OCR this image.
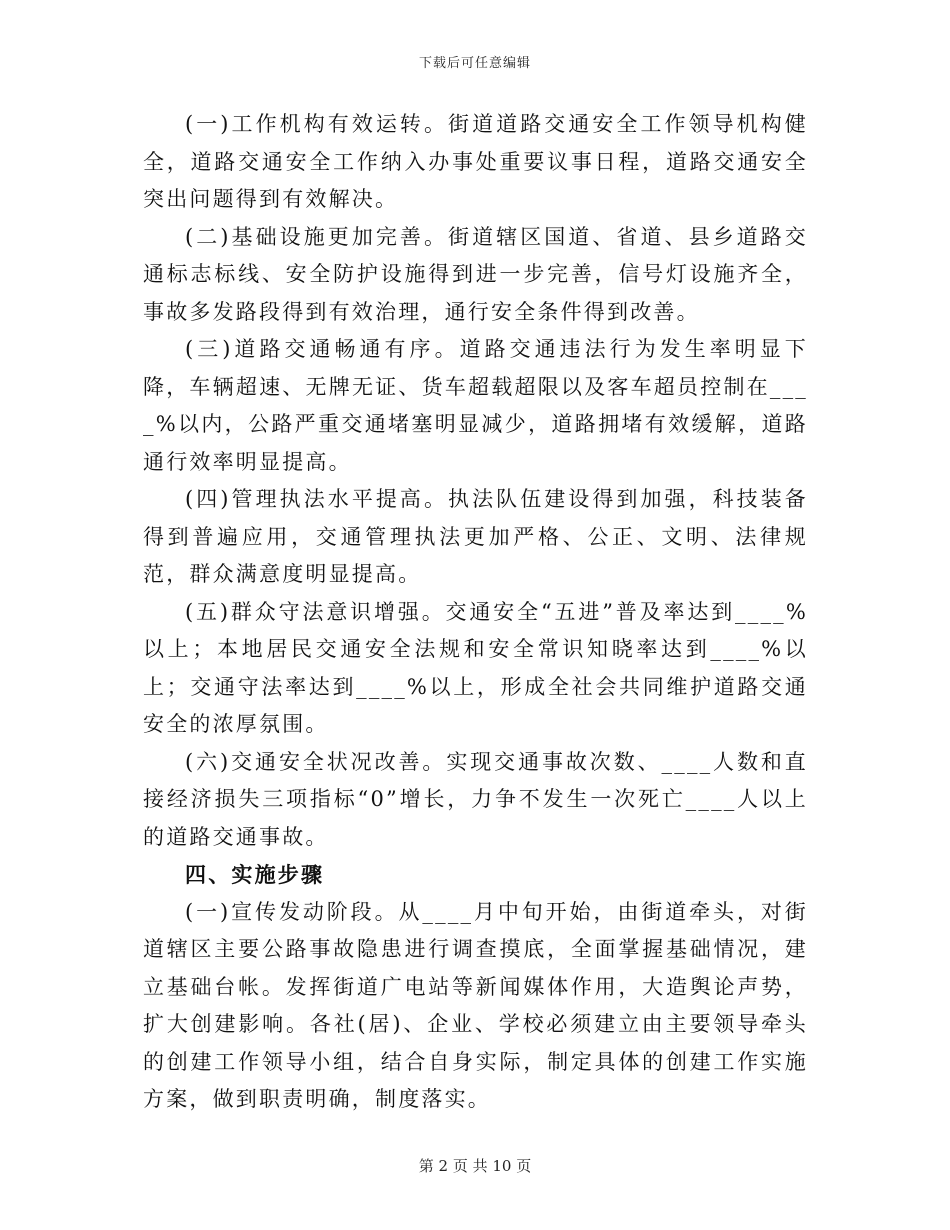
下载后可任意编辑

(一)工作机构有效运转。街道道路交通安全工作领导机构健全，道路交通安全工作纳入办事处重要议事日程，道路交通安全突出问题得到有效解决。

(二)基础设施更加完善。街道辖区国道、省道、县乡道路交通标志标线、安全防护设施得到进一步完善，信号灯设施齐全，事故多发路段得到有效治理，通行安全条件得到改善。

(三)道路交通畅通有序。道路交通违法行为发生率明显下降，车辆超速、无牌无证、货车超载超限以及客车超员控制在____%以内，公路严重交通堵塞明显减少，道路拥堵有效缓解，道路通行效率明显提高。

(四)管理执法水平提高。执法队伍建设得到加强，科技装备得到普遍应用，交通管理执法更加严格、公正、文明、法律规范，群众满意度明显提高。

(五)群众守法意识增强。交通安全“五进”普及率达到____%以上；本地居民交通安全法规和安全常识知晓率达到____%以上；交通守法率达到____%以上，形成全社会共同维护道路交通安全的浓厚氛围。

(六)交通安全状况改善。实现交通事故次数、____人数和直接经济损失三项指标“0”增长，力争不发生一次死亡____人以上的道路交通事故。

四、实施步骤

(一)宣传发动阶段。从____月中旬开始，由街道牵头，对街道辖区主要公路事故隐患进行调查摸底，全面掌握基础情况，建立基础台帐。发挥街道广电站等新闻媒体作用，大造舆论声势，扩大创建影响。各社(居)、企业、学校必须建立由主要领导牵头的创建工作领导小组，结合自身实际，制定具体的创建工作实施方案，做到职责明确，制度落实。

第 2 页 共 10 页
